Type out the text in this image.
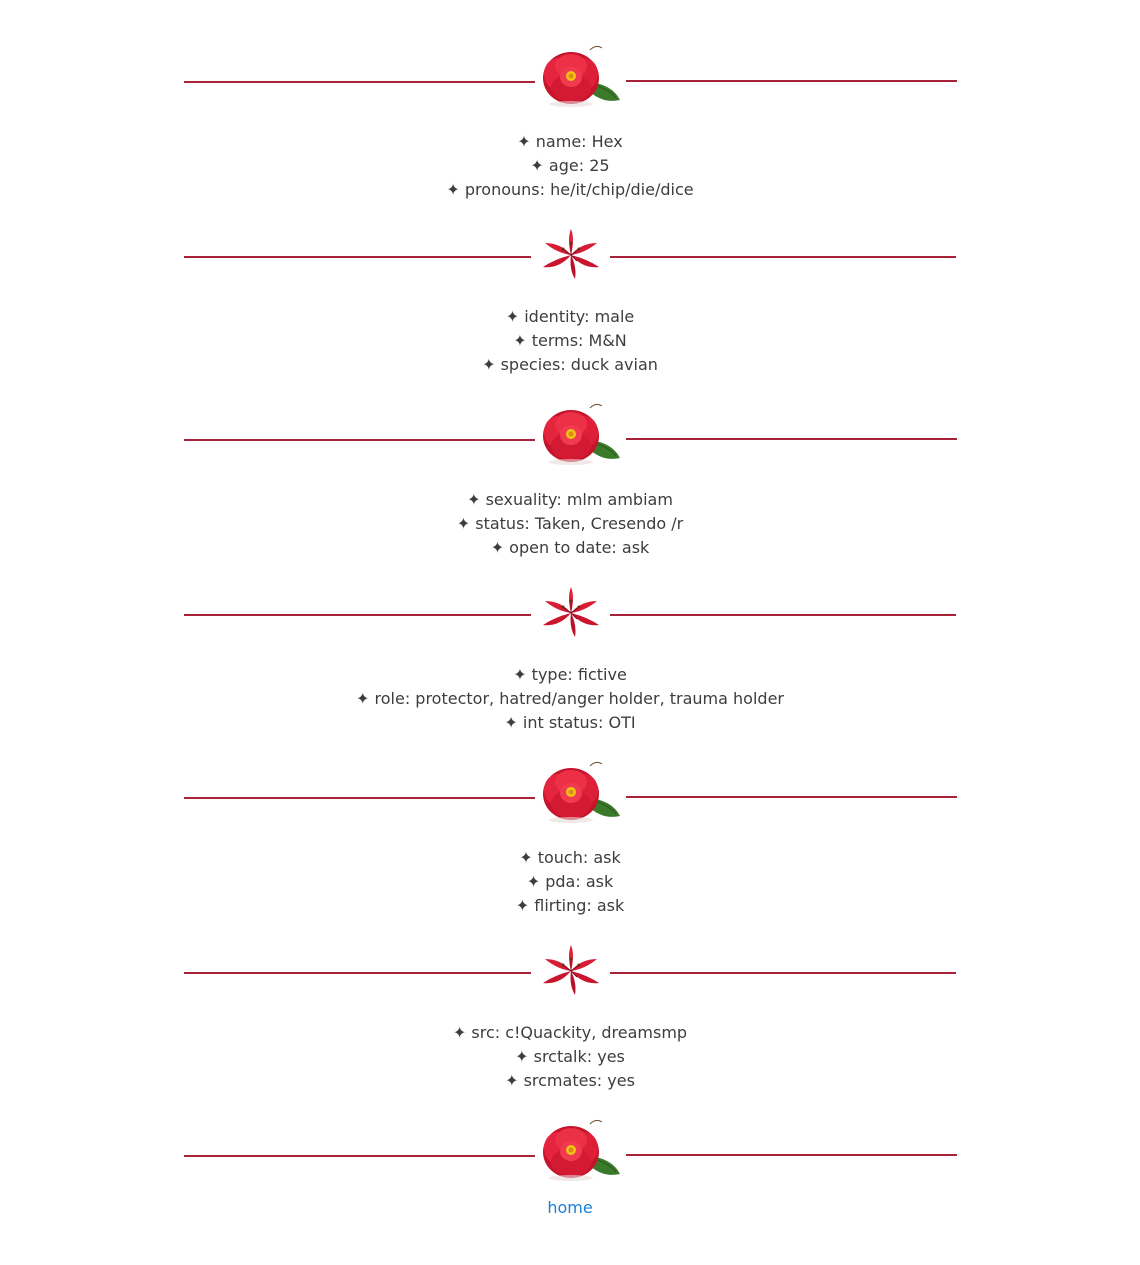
✦ name: Hex
✦ age: 25
✦ pronouns: he/it/chip/die/dice
✦ identity: male
✦ terms: M&N
✦ species: duck avian
✦ sexuality: mlm ambiam
✦ status: Taken, Cresendo /r
✦ open to date: ask
✦ type: fictive
✦ role: protector, hatred/anger holder, trauma holder
✦ int status: OTI
✦ touch: ask
✦ pda: ask
✦ flirting: ask
✦ src: c!Quackity, dreamsmp
✦ srctalk: yes
✦ srcmates: yes
home
